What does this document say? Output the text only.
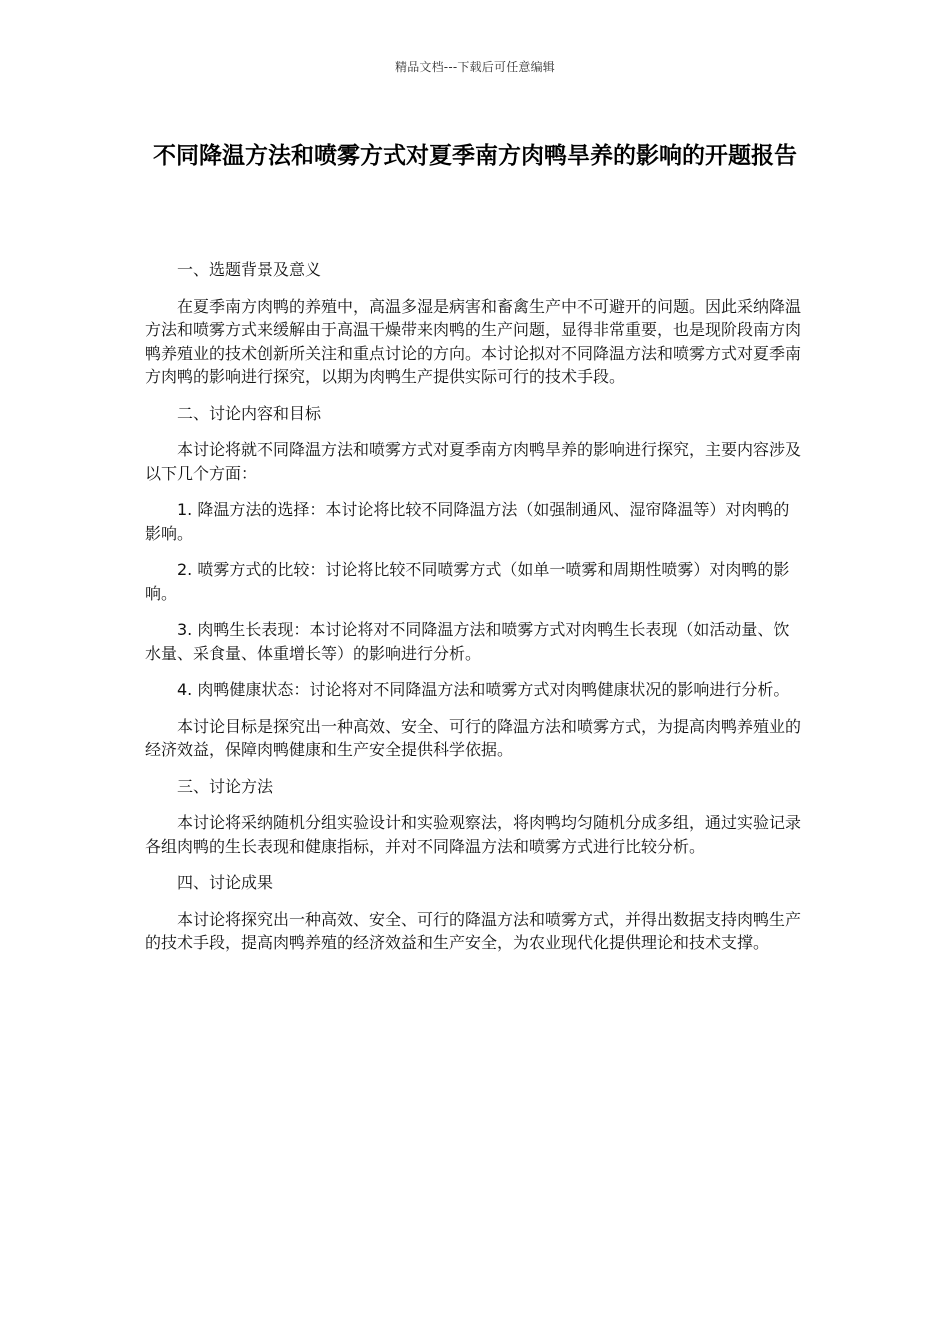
精品文档---下载后可任意编辑
不同降温方法和喷雾方式对夏季南方肉鸭旱养的影响的开题报告

一、选题背景及意义

在夏季南方肉鸭的养殖中，高温多湿是病害和畜禽生产中不可避开的问题。因此采纳降温方法和喷雾方式来缓解由于高温干燥带来肉鸭的生产问题，显得非常重要，也是现阶段南方肉鸭养殖业的技术创新所关注和重点讨论的方向。本讨论拟对不同降温方法和喷雾方式对夏季南方肉鸭的影响进行探究，以期为肉鸭生产提供实际可行的技术手段。

二、讨论内容和目标

本讨论将就不同降温方法和喷雾方式对夏季南方肉鸭旱养的影响进行探究，主要内容涉及以下几个方面：

1. 降温方法的选择：本讨论将比较不同降温方法（如强制通风、湿帘降温等）对肉鸭的影响。

2. 喷雾方式的比较：讨论将比较不同喷雾方式（如单一喷雾和周期性喷雾）对肉鸭的影响。

3. 肉鸭生长表现：本讨论将对不同降温方法和喷雾方式对肉鸭生长表现（如活动量、饮水量、采食量、体重增长等）的影响进行分析。

4. 肉鸭健康状态：讨论将对不同降温方法和喷雾方式对肉鸭健康状况的影响进行分析。

本讨论目标是探究出一种高效、安全、可行的降温方法和喷雾方式，为提高肉鸭养殖业的经济效益，保障肉鸭健康和生产安全提供科学依据。

三、讨论方法

本讨论将采纳随机分组实验设计和实验观察法，将肉鸭均匀随机分成多组，通过实验记录各组肉鸭的生长表现和健康指标，并对不同降温方法和喷雾方式进行比较分析。

四、讨论成果

本讨论将探究出一种高效、安全、可行的降温方法和喷雾方式，并得出数据支持肉鸭生产的技术手段，提高肉鸭养殖的经济效益和生产安全，为农业现代化提供理论和技术支撑。
